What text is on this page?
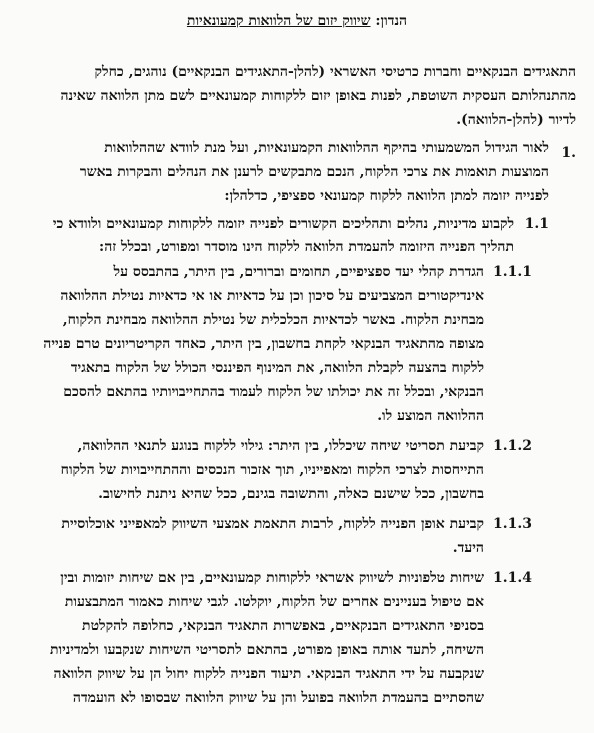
הנדון: שיווק יזום של הלוואות קמעונאיות
התאגידים הבנקאיים וחברות כרטיסי האשראי (להלן-התאגידים הבנקאיים) נוהגים, כחלק
מהתנהלותם העסקית השוטפת, לפנות באופן יזום ללקוחות קמעונאיים לשם מתן הלוואה שאינה
לדיור (להלן-הלוואה).
1.
לאור הגידול המשמעותי בהיקף ההלוואות הקמעונאיות, ועל מנת לוודא שההלוואות
המוצעות תואמות את צרכי הלקוח, הנכם מתבקשים לרענן את הנהלים והבקרות באשר
לפנייה יזומה למתן הלוואה ללקוח קמעונאי ספציפי, כדלהלן:
1.1
לקבוע מדיניות, נהלים ותהליכים הקשורים לפנייה יזומה ללקוחות קמעונאיים ולוודא כי
תהליך הפנייה היזומה להעמדת הלוואה ללקוח הינו מוסדר ומפורט, ובכלל זה:
1.1.1
הגדרת קהלי יעד ספציפיים, תחומים וברורים, בין היתר, בהתבסס על
אינדיקטורים המצביעים על סיכון וכן על כדאיות או אי כדאיות נטילת ההלוואה
מבחינת הלקוח. באשר לכדאיות הכלכלית של נטילת ההלוואה מבחינת הלקוח,
מצופה מהתאגיד הבנקאי לקחת בחשבון, בין היתר, כאחד הקריטריונים טרם פנייה
ללקוח בהצעה לקבלת הלוואה, את המינוף הפיננסי הכולל של הלקוח בתאגיד
הבנקאי, ובכלל זה את יכולתו של הלקוח לעמוד בהתחייבויותיו בהתאם להסכם
ההלוואה המוצע לו.
1.1.2
קביעת תסריטי שיחה שיכללו, בין היתר: גילוי ללקוח בנוגע לתנאי ההלוואה,
התייחסות לצרכי הלקוח ומאפייניו, תוך אזכור הנכסים וההתחייבויות של הלקוח
בחשבון, ככל שישנם כאלה, והתשובה בגינם, ככל שהיא ניתנת לחישוב.
1.1.3
קביעת אופן הפנייה ללקוח, לרבות התאמת אמצעי השיווק למאפייני אוכלוסיית
היעד.
1.1.4
שיחות טלפוניות לשיווק אשראי ללקוחות קמעונאיים, בין אם שיחות יזומות ובין
אם טיפול בעניינים אחרים של הלקוח, יוקלטו. לגבי שיחות כאמור המתבצעות
בסניפי התאגידים הבנקאיים, באפשרות התאגיד הבנקאי, כחלופה להקלטת
השיחה, לתעד אותה באופן מפורט, בהתאם לתסריטי השיחות שנקבעו ולמדיניות
שנקבעה על ידי התאגיד הבנקאי. תיעוד הפנייה ללקוח יחול הן על שיווק הלוואה
שהסתיים בהעמדת הלוואה בפועל והן על שיווק הלוואה שבסופו לא הועמדה
